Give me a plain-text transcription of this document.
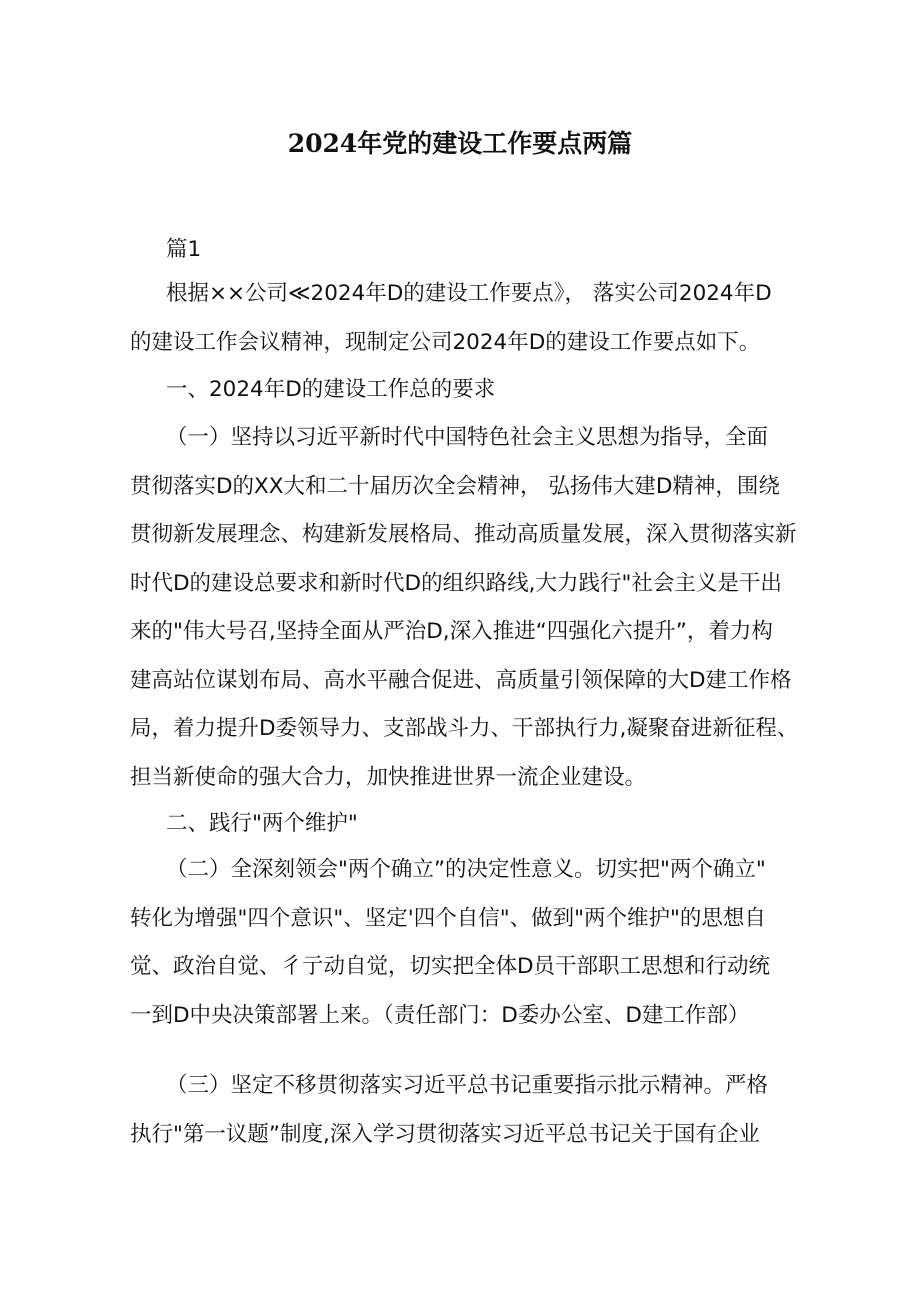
2024年党的建设工作要点两篇
篇1
根据××公司≪2024年D的建设工作要点》， 落实公司2024年D
的建设工作会议精神，现制定公司2024年D的建设工作要点如下。
一、2024年D的建设工作总的要求
（一）坚持以习近平新时代中国特色社会主义思想为指导，全面
贯彻落实D的XX大和二十届历次全会精神， 弘扬伟大建D精神，围绕
贯彻新发展理念、构建新发展格局、推动高质量发展，深入贯彻落实新
时代D的建设总要求和新时代D的组织路线,大力践行"社会主义是干出
来的"伟大号召,坚持全面从严治D,深入推进“四强化六提升”，着力构
建高站位谋划布局、高水平融合促进、高质量引领保障的大D建工作格
局，着力提升D委领导力、支部战斗力、干部执行力,凝聚奋进新征程、
担当新使命的强大合力，加快推进世界一流企业建设。
二、践行"两个维护"
（二）全深刻领会"两个确立”的决定性意义。切实把"两个确立"
转化为增强"四个意识"、坚定'四个自信"、做到"两个维护"的思想自
觉、政治自觉、彳亍动自觉，切实把全体D员干部职工思想和行动统
一到D中央决策部署上来。（责任部门：D委办公室、D建工作部）
（三）坚定不移贯彻落实习近平总书记重要指示批示精神。严格
执行"第一议题”制度,深入学习贯彻落实习近平总书记关于国有企业
